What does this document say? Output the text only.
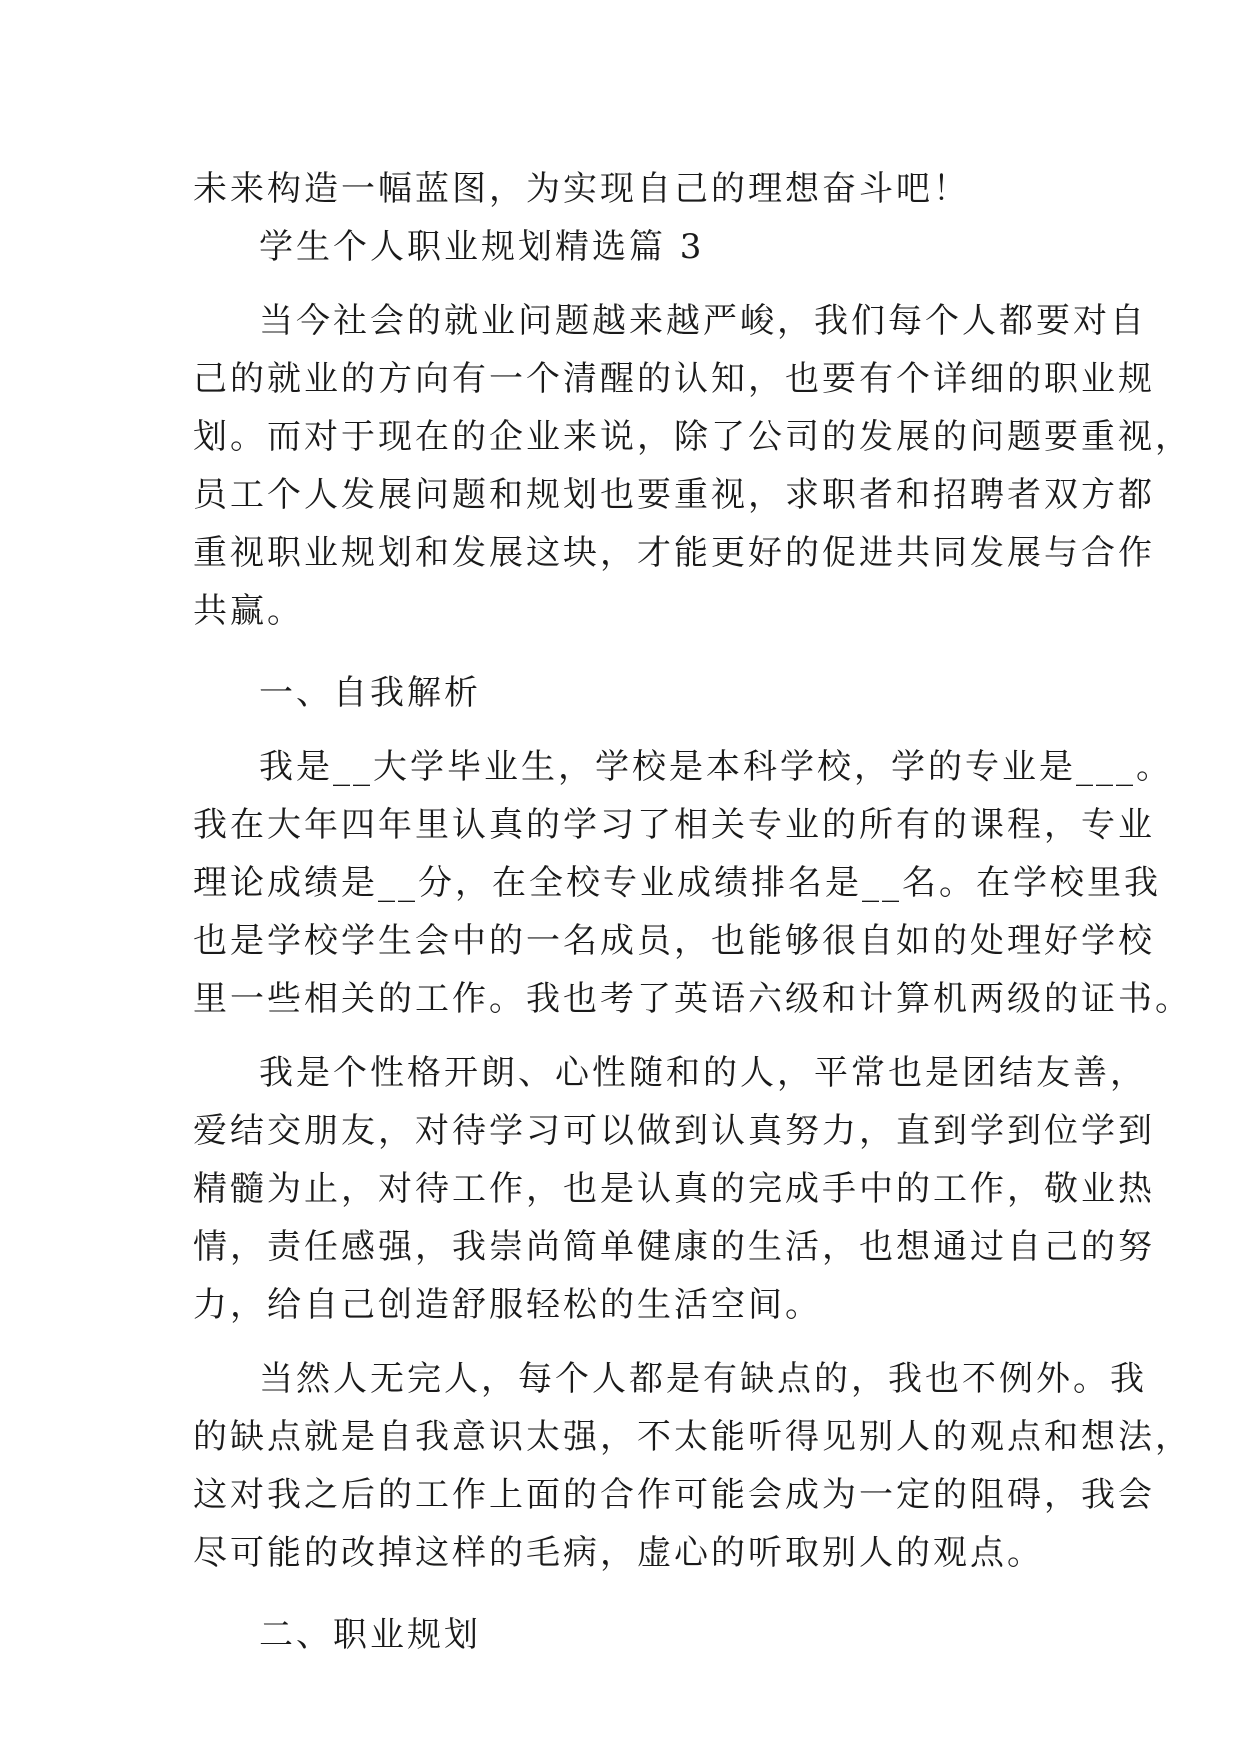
未来构造一幅蓝图，为实现自己的理想奋斗吧！
学生个人职业规划精选篇 3
当今社会的就业问题越来越严峻，我们每个人都要对自
己的就业的方向有一个清醒的认知，也要有个详细的职业规
划。而对于现在的企业来说，除了公司的发展的问题要重视，
员工个人发展问题和规划也要重视，求职者和招聘者双方都
重视职业规划和发展这块，才能更好的促进共同发展与合作
共赢。
一、自我解析
我是__大学毕业生，学校是本科学校，学的专业是___。
我在大年四年里认真的学习了相关专业的所有的课程，专业
理论成绩是__分，在全校专业成绩排名是__名。在学校里我
也是学校学生会中的一名成员，也能够很自如的处理好学校
里一些相关的工作。我也考了英语六级和计算机两级的证书。
我是个性格开朗、心性随和的人，平常也是团结友善，
爱结交朋友，对待学习可以做到认真努力，直到学到位学到
精髓为止，对待工作，也是认真的完成手中的工作，敬业热
情，责任感强，我崇尚简单健康的生活，也想通过自己的努
力，给自己创造舒服轻松的生活空间。
当然人无完人，每个人都是有缺点的，我也不例外。我
的缺点就是自我意识太强，不太能听得见别人的观点和想法，
这对我之后的工作上面的合作可能会成为一定的阻碍，我会
尽可能的改掉这样的毛病，虚心的听取别人的观点。
二、职业规划
